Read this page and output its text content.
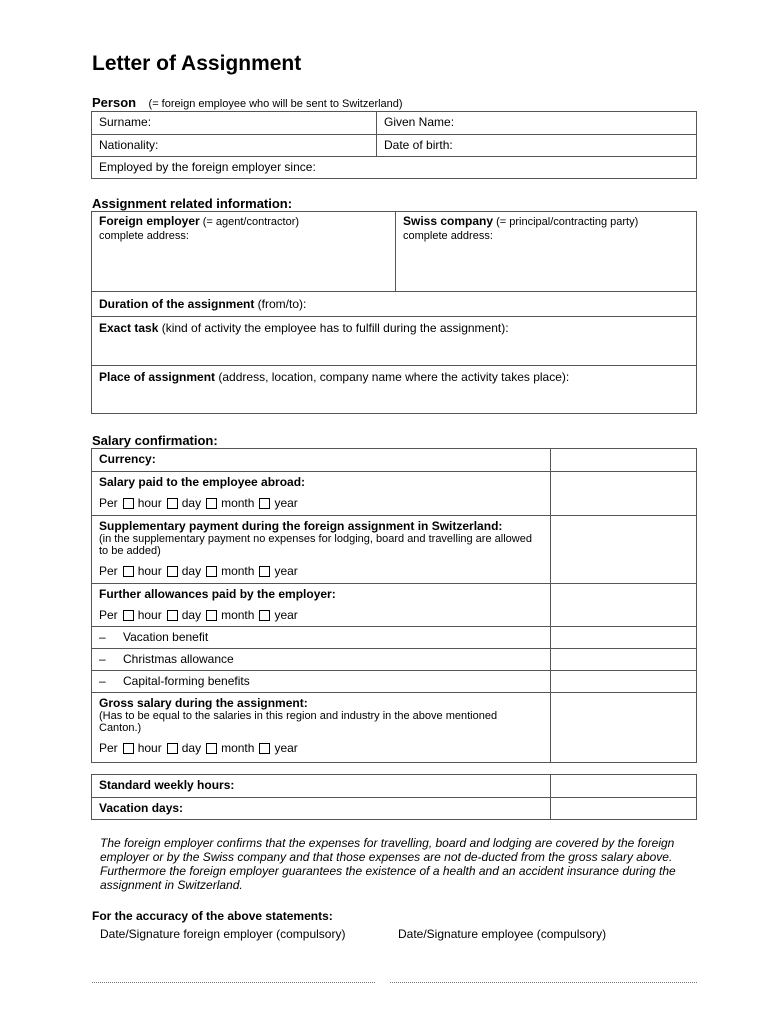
Letter of Assignment
Person (= foreign employee who will be sent to Switzerland)
Surname:	Given Name:
Nationality:	Date of birth:
Employed by the foreign employer since:
Assignment related information:
Foreign employer (= agent/contractor)
complete address:
Swiss company (= principal/contracting party)
complete address:
Duration of the assignment (from/to):
Exact task (kind of activity the employee has to fulfill during the assignment):
Place of assignment (address, location, company name where the activity takes place):
Salary confirmation:
Currency:
Salary paid to the employee abroad:
Per hour day month year
Supplementary payment during the foreign assignment in Switzerland:
(in the supplementary payment no expenses for lodging, board and travelling are allowed to be added)
Per hour day month year
Further allowances paid by the employer:
Per hour day month year
– Vacation benefit
– Christmas allowance
– Capital-forming benefits
Gross salary during the assignment:
(Has to be equal to the salaries in this region and industry in the above mentioned Canton.)
Per hour day month year
Standard weekly hours:
Vacation days:
The foreign employer confirms that the expenses for travelling, board and lodging are covered by the foreign employer or by the Swiss company and that those expenses are not de-ducted from the gross salary above. Furthermore the foreign employer guarantees the existence of a health and an accident insurance during the assignment in Switzerland.
For the accuracy of the above statements:
Date/Signature foreign employer (compulsory)	Date/Signature employee (compulsory)
